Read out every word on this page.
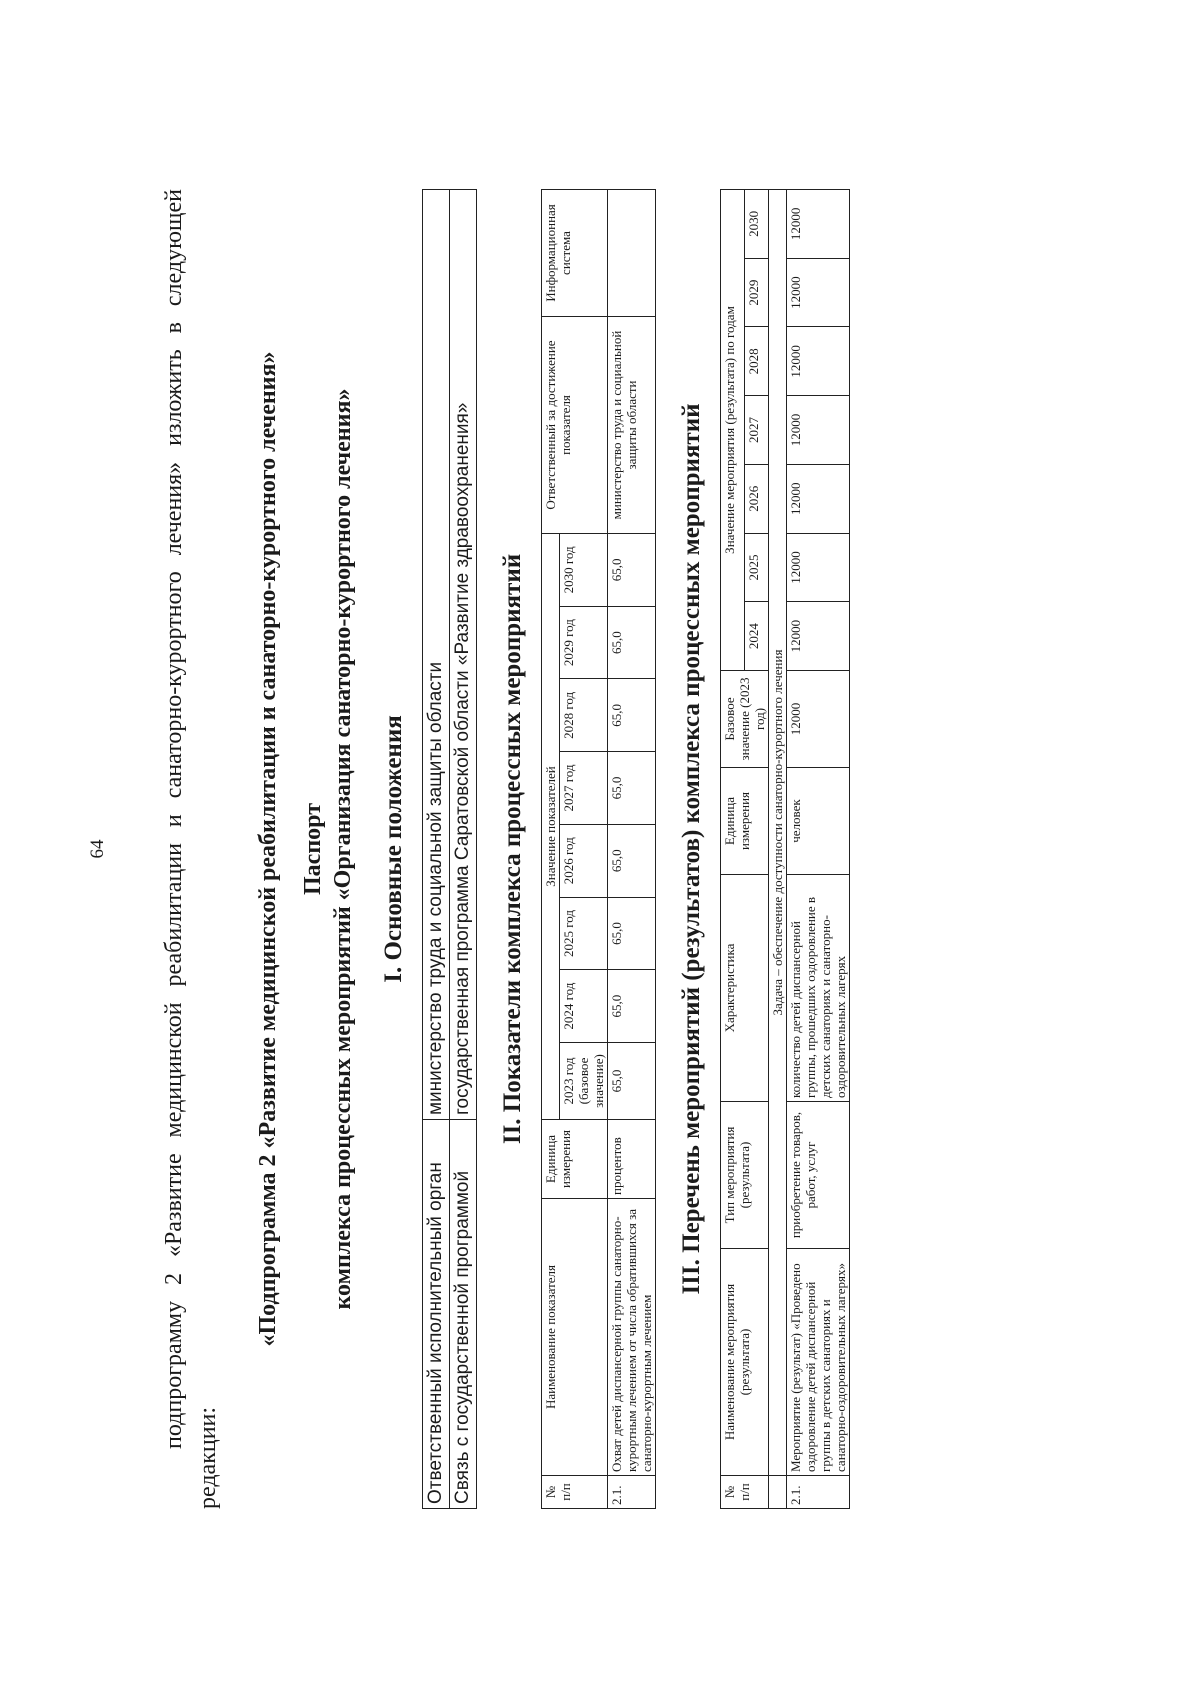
64 подпрограмму 2 «Развитие медицинской реабилитации и санаторно-курортного лечения» изложить в следующей редакции:

«Подпрограмма 2 «Развитие медицинской реабилитации и санаторно-курортного лечения» Паспорт комплекса процессных мероприятий «Организация санаторно-курортного лечения» I. Основные положения
Ответственный исполнительный орган	министерство труда и социальной защиты области
Связь с государственной программой	государственная программа Саратовской области «Развитие здравоохранения» II. Показатели комплекса процессных мероприятий
№ п/п	Наименование показателя	Единица измерения	Значение показателей								Ответственный за достижение показателя	Информационная система
			2023 год (базовое значение)	2024 год	2025 год	2026 год	2027 год	2028 год	2029 год	2030 год		
2.1.	Охват детей диспансерной группы санаторно-курортным лечением от числа обратившихся за санаторно-курортным лечением	процентов	65,0	65,0	65,0	65,0	65,0	65,0	65,0	65,0	министерство труда и социальной защиты области	III. Перечень мероприятий (результатов) комплекса процессных мероприятий
№ п/п	Наименование мероприятия (результата)	Тип мероприятия (результата)	Характеристика	Единица измерения	Базовое значение (2023 год)	Значение мероприятия (результата) по годам						
						2024	2025	2026	2027	2028	2029	2030
	Задача – обеспечение доступности санаторно-курортного лечения											
2.1.	Мероприятие (результат) «Проведено оздоровление детей диспансерной группы в детских санаториях и санаторно-оздоровительных лагерях»	приобретение товаров, работ, услуг	количество детей диспансерной группы, прошедших оздоровление в детских санаториях и санаторно-оздоровительных лагерях	человек	12000	12000	12000	12000	12000	12000	12000	12000
